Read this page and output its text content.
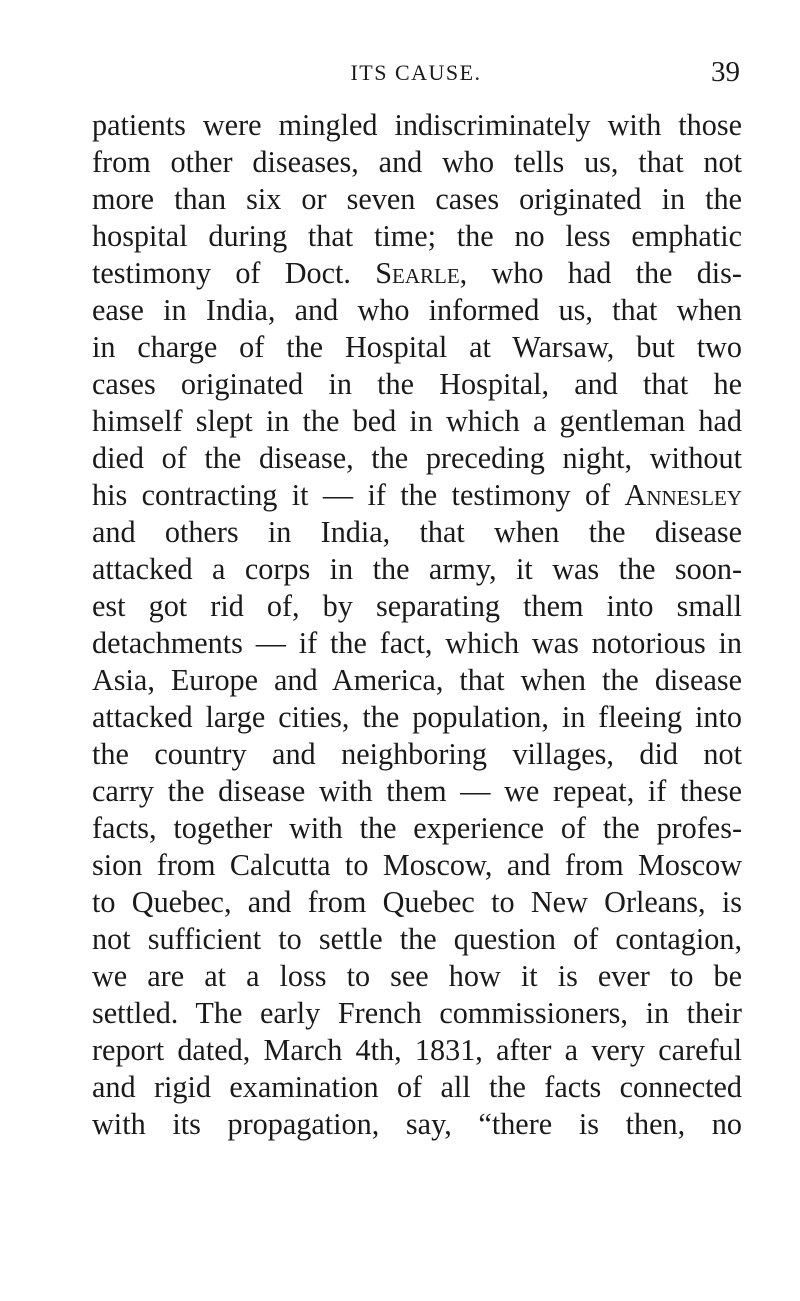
ITS CAUSE.	39
patients were mingled indiscriminately with those
from other diseases, and who tells us, that not
more than six or seven cases originated in the
hospital during that time; the no less emphatic
testimony of Doct. Searle, who had the dis-
ease in India, and who informed us, that when
in charge of the Hospital at Warsaw, but two
cases originated in the Hospital, and that he
himself slept in the bed in which a gentleman had
died of the disease, the preceding night, without
his contracting it — if the testimony of Annesley
and others in India, that when the disease
attacked a corps in the army, it was the soon-
est got rid of, by separating them into small
detachments — if the fact, which was notorious in
Asia, Europe and America, that when the disease
attacked large cities, the population, in fleeing into
the country and neighboring villages, did not
carry the disease with them — we repeat, if these
facts, together with the experience of the profes-
sion from Calcutta to Moscow, and from Moscow
to Quebec, and from Quebec to New Orleans, is
not sufficient to settle the question of contagion,
we are at a loss to see how it is ever to be
settled. The early French commissioners, in their
report dated, March 4th, 1831, after a very careful
and rigid examination of all the facts connected
with its propagation, say, “there is then, no
